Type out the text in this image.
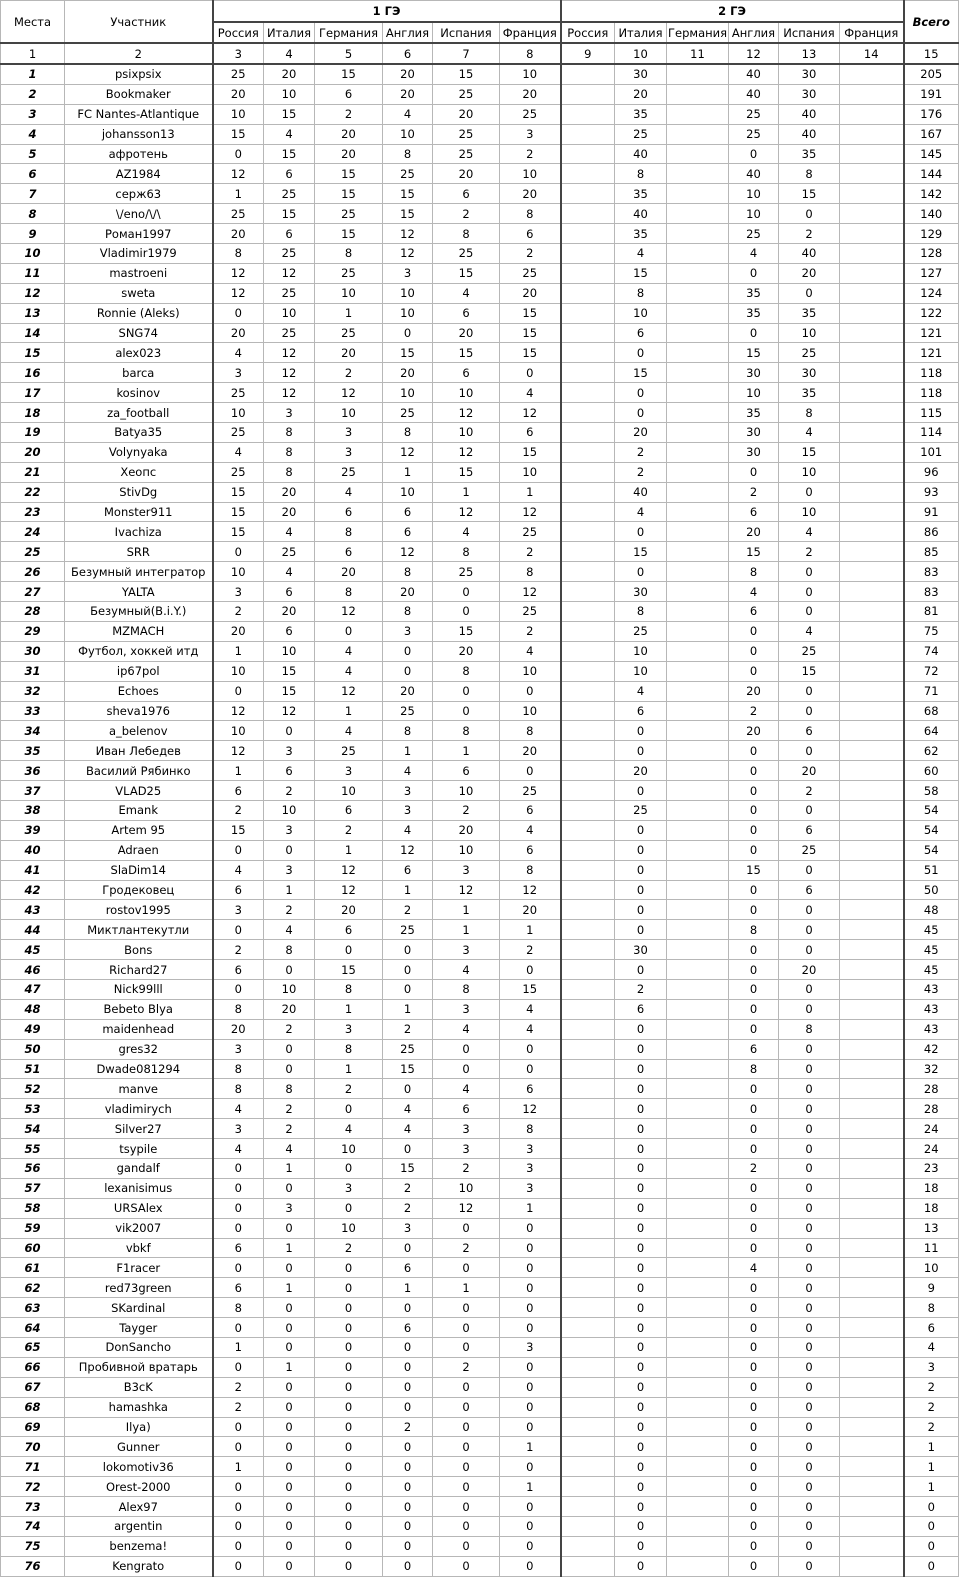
Места	Участник	1 ГЭ						2 ГЭ						Всего
		Россия	Италия	Германия	Англия	Испания	Франция	Россия	Италия	Германия	Англия	Испания	Франция	
1	2	3	4	5	6	7	8	9	10	11	12	13	14	15
1	psixpsix	25	20	15	20	15	10		30		40	30		205
2	Bookmaker	20	10	6	20	25	20		20		40	30		191
3	FC Nantes-Atlantique	10	15	2	4	20	25		35		25	40		176
4	johansson13	15	4	20	10	25	3		25		25	40		167
5	афротень	0	15	20	8	25	2		40		0	35		145
6	AZ1984	12	6	15	25	20	10		8		40	8		144
7	серж63	1	25	15	15	6	20		35		10	15		142
8	\/eno/\/\	25	15	25	15	2	8		40		10	0		140
9	Роман1997	20	6	15	12	8	6		35		25	2		129
10	Vladimir1979	8	25	8	12	25	2		4		4	40		128
11	mastroeni	12	12	25	3	15	25		15		0	20		127
12	sweta	12	25	10	10	4	20		8		35	0		124
13	Ronnie (Aleks)	0	10	1	10	6	15		10		35	35		122
14	SNG74	20	25	25	0	20	15		6		0	10		121
15	alex023	4	12	20	15	15	15		0		15	25		121
16	barca	3	12	2	20	6	0		15		30	30		118
17	kosinov	25	12	12	10	10	4		0		10	35		118
18	za_football	10	3	10	25	12	12		0		35	8		115
19	Batya35	25	8	3	8	10	6		20		30	4		114
20	Volynyaka	4	8	3	12	12	15		2		30	15		101
21	Хеопс	25	8	25	1	15	10		2		0	10		96
22	StivDg	15	20	4	10	1	1		40		2	0		93
23	Monster911	15	20	6	6	12	12		4		6	10		91
24	Ivachiza	15	4	8	6	4	25		0		20	4		86
25	SRR	0	25	6	12	8	2		15		15	2		85
26	Безумный интегратор	10	4	20	8	25	8		0		8	0		83
27	YALTA	3	6	8	20	0	12		30		4	0		83
28	Безумный(B.i.Y.)	2	20	12	8	0	25		8		6	0		81
29	MZMACH	20	6	0	3	15	2		25		0	4		75
30	Футбол, хоккей итд	1	10	4	0	20	4		10		0	25		74
31	ip67pol	10	15	4	0	8	10		10		0	15		72
32	Echoes	0	15	12	20	0	0		4		20	0		71
33	sheva1976	12	12	1	25	0	10		6		2	0		68
34	a_belenov	10	0	4	8	8	8		0		20	6		64
35	Иван Лебедев	12	3	25	1	1	20		0		0	0		62
36	Василий Рябинко	1	6	3	4	6	0		20		0	20		60
37	VLAD25	6	2	10	3	10	25		0		0	2		58
38	Emank	2	10	6	3	2	6		25		0	0		54
39	Artem 95	15	3	2	4	20	4		0		0	6		54
40	Adraen	0	0	1	12	10	6		0		0	25		54
41	SlaDim14	4	3	12	6	3	8		0		15	0		51
42	Гродековец	6	1	12	1	12	12		0		0	6		50
43	rostov1995	3	2	20	2	1	20		0		0	0		48
44	Миктлантекутли	0	4	6	25	1	1		0		8	0		45
45	Bons	2	8	0	0	3	2		30		0	0		45
46	Richard27	6	0	15	0	4	0		0		0	20		45
47	Nick99lll	0	10	8	0	8	15		2		0	0		43
48	Bebeto Blya	8	20	1	1	3	4		6		0	0		43
49	maidenhead	20	2	3	2	4	4		0		0	8		43
50	gres32	3	0	8	25	0	0		0		6	0		42
51	Dwade081294	8	0	1	15	0	0		0		8	0		32
52	manve	8	8	2	0	4	6		0		0	0		28
53	vladimirych	4	2	0	4	6	12		0		0	0		28
54	Silver27	3	2	4	4	3	8		0		0	0		24
55	tsypile	4	4	10	0	3	3		0		0	0		24
56	gandalf	0	1	0	15	2	3		0		2	0		23
57	lexanisimus	0	0	3	2	10	3		0		0	0		18
58	URSAlex	0	3	0	2	12	1		0		0	0		18
59	vik2007	0	0	10	3	0	0		0		0	0		13
60	vbkf	6	1	2	0	2	0		0		0	0		11
61	F1racer	0	0	0	6	0	0		0		4	0		10
62	red73green	6	1	0	1	1	0		0		0	0		9
63	SKardinal	8	0	0	0	0	0		0		0	0		8
64	Tayger	0	0	0	6	0	0		0		0	0		6
65	DonSancho	1	0	0	0	0	3		0		0	0		4
66	Пробивной вратарь	0	1	0	0	2	0		0		0	0		3
67	B3cK	2	0	0	0	0	0		0		0	0		2
68	hamashka	2	0	0	0	0	0		0		0	0		2
69	Ilya)	0	0	0	2	0	0		0		0	0		2
70	Gunner	0	0	0	0	0	1		0		0	0		1
71	lokomotiv36	1	0	0	0	0	0		0		0	0		1
72	Orest-2000	0	0	0	0	0	1		0		0	0		1
73	Alex97	0	0	0	0	0	0		0		0	0		0
74	argentin	0	0	0	0	0	0		0		0	0		0
75	benzema!	0	0	0	0	0	0		0		0	0		0
76	Kengrato	0	0	0	0	0	0		0		0	0		0
